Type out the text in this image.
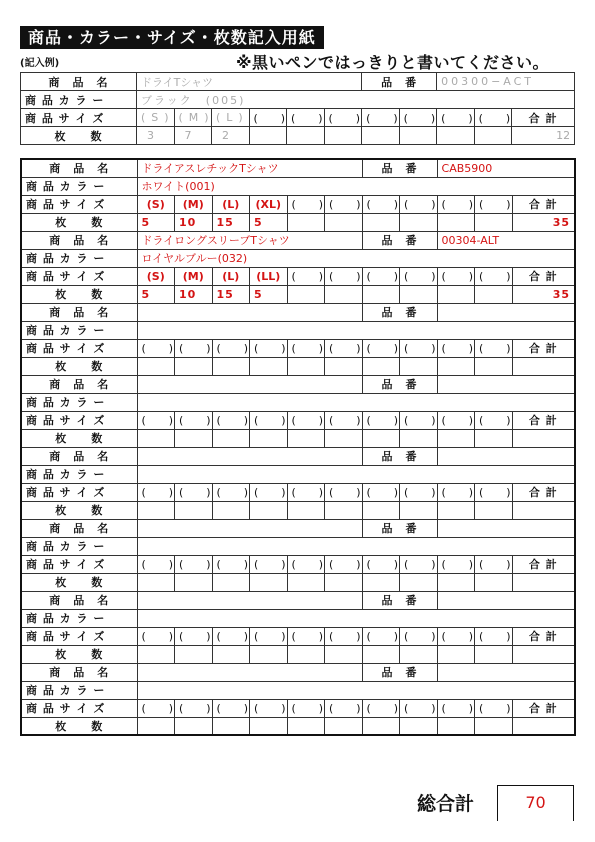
商品・カラー・サイズ・枚数記入用紙
(記入例)	※黒いペンではっきりと書いてください。
商　品　名	ドライTシャツ						品　番		00300−ACT		
商 品 カ ラ ー	ブラック　(005)										
商 品 サ イ ズ	(S)	(M)	(L)	(　)	(　)	(　)	(　)	(　)	(　)	(　)	合 計
枚　　数	3	7	2								12
商　品　名	ドライアスレチックTシャツ						品　番		CAB5900		
商 品 カ ラ ー	ホワイト(001)										
商 品 サ イ ズ	(S)	(M)	(L)	(XL)	(　)	(　)	(　)	(　)	(　)	(　)	合 計
枚　　数	5	10	15	5							35
商　品　名	ドライロングスリーブTシャツ						品　番		00304-ALT		
商 品 カ ラ ー	ロイヤルブルー(032)										
商 品 サ イ ズ	(S)	(M)	(L)	(LL)	(　)	(　)	(　)	(　)	(　)	(　)	合 計
枚　　数	5	10	15	5							35
商　品　名							品　番				
商 品 カ ラ ー											
商 品 サ イ ズ	(　)	(　)	(　)	(　)	(　)	(　)	(　)	(　)	(　)	(　)	合 計
枚　　数											
商　品　名							品　番				
商 品 カ ラ ー											
商 品 サ イ ズ	(　)	(　)	(　)	(　)	(　)	(　)	(　)	(　)	(　)	(　)	合 計
枚　　数											
商　品　名							品　番				
商 品 カ ラ ー											
商 品 サ イ ズ	(　)	(　)	(　)	(　)	(　)	(　)	(　)	(　)	(　)	(　)	合 計
枚　　数											
商　品　名							品　番				
商 品 カ ラ ー											
商 品 サ イ ズ	(　)	(　)	(　)	(　)	(　)	(　)	(　)	(　)	(　)	(　)	合 計
枚　　数											
商　品　名							品　番				
商 品 カ ラ ー											
商 品 サ イ ズ	(　)	(　)	(　)	(　)	(　)	(　)	(　)	(　)	(　)	(　)	合 計
枚　　数											
商　品　名							品　番				
商 品 カ ラ ー											
商 品 サ イ ズ	(　)	(　)	(　)	(　)	(　)	(　)	(　)	(　)	(　)	(　)	合 計
枚　　数											
総合計	70
